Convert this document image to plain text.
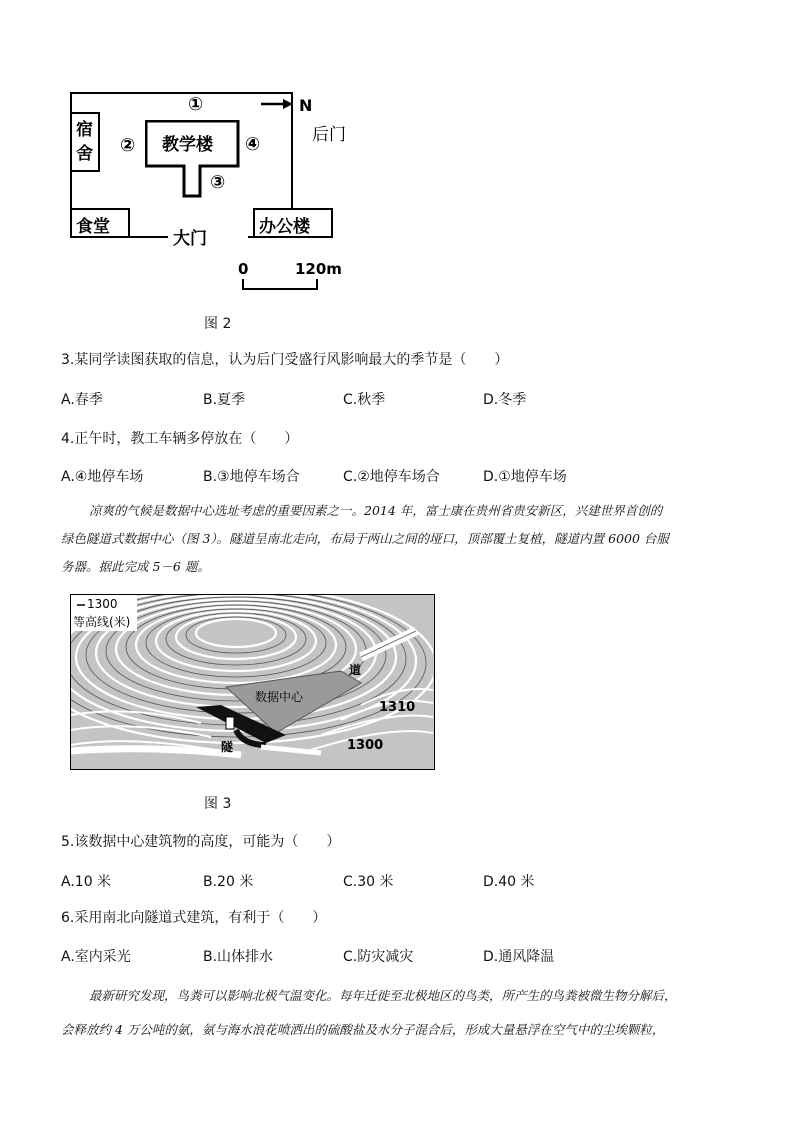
①	N
后门
宿
舍 ② 教学楼 ④
③
食堂
大门
办公楼
0	120m
图 2
3.某同学读图获取的信息，认为后门受盛行风影响最大的季节是（　　）
A.春季	B.夏季	C.秋季	D.冬季
4.正午时，教工车辆多停放在（　　）
A.④地停车场	B.③地停车场合	C.②地停车场合	D.①地停车场
凉爽的气候是数据中心选址考虑的重要因素之一。2014 年，富士康在贵州省贵安新区，兴建世界首创的
绿色隧道式数据中心（图 3）。隧道呈南北走向，布局于两山之间的垭口，顶部覆土复植，隧道内置 6000 台服
务器。据此完成 5－6 题。
1300
等高线(米)
数据中心
道
隧
1310
1300
图 3
5.该数据中心建筑物的高度，可能为（　　）
A.10 米	B.20 米	C.30 米	D.40 米
6.采用南北向隧道式建筑，有利于（　　）
A.室内采光	B.山体排水	C.防灾减灾	D.通风降温
最新研究发现，鸟粪可以影响北极气温变化。每年迁徙至北极地区的鸟类，所产生的鸟粪被微生物分解后，
会释放约 4 万公吨的氨，氨与海水浪花喷洒出的硫酸盐及水分子混合后，形成大量悬浮在空气中的尘埃颗粒，
